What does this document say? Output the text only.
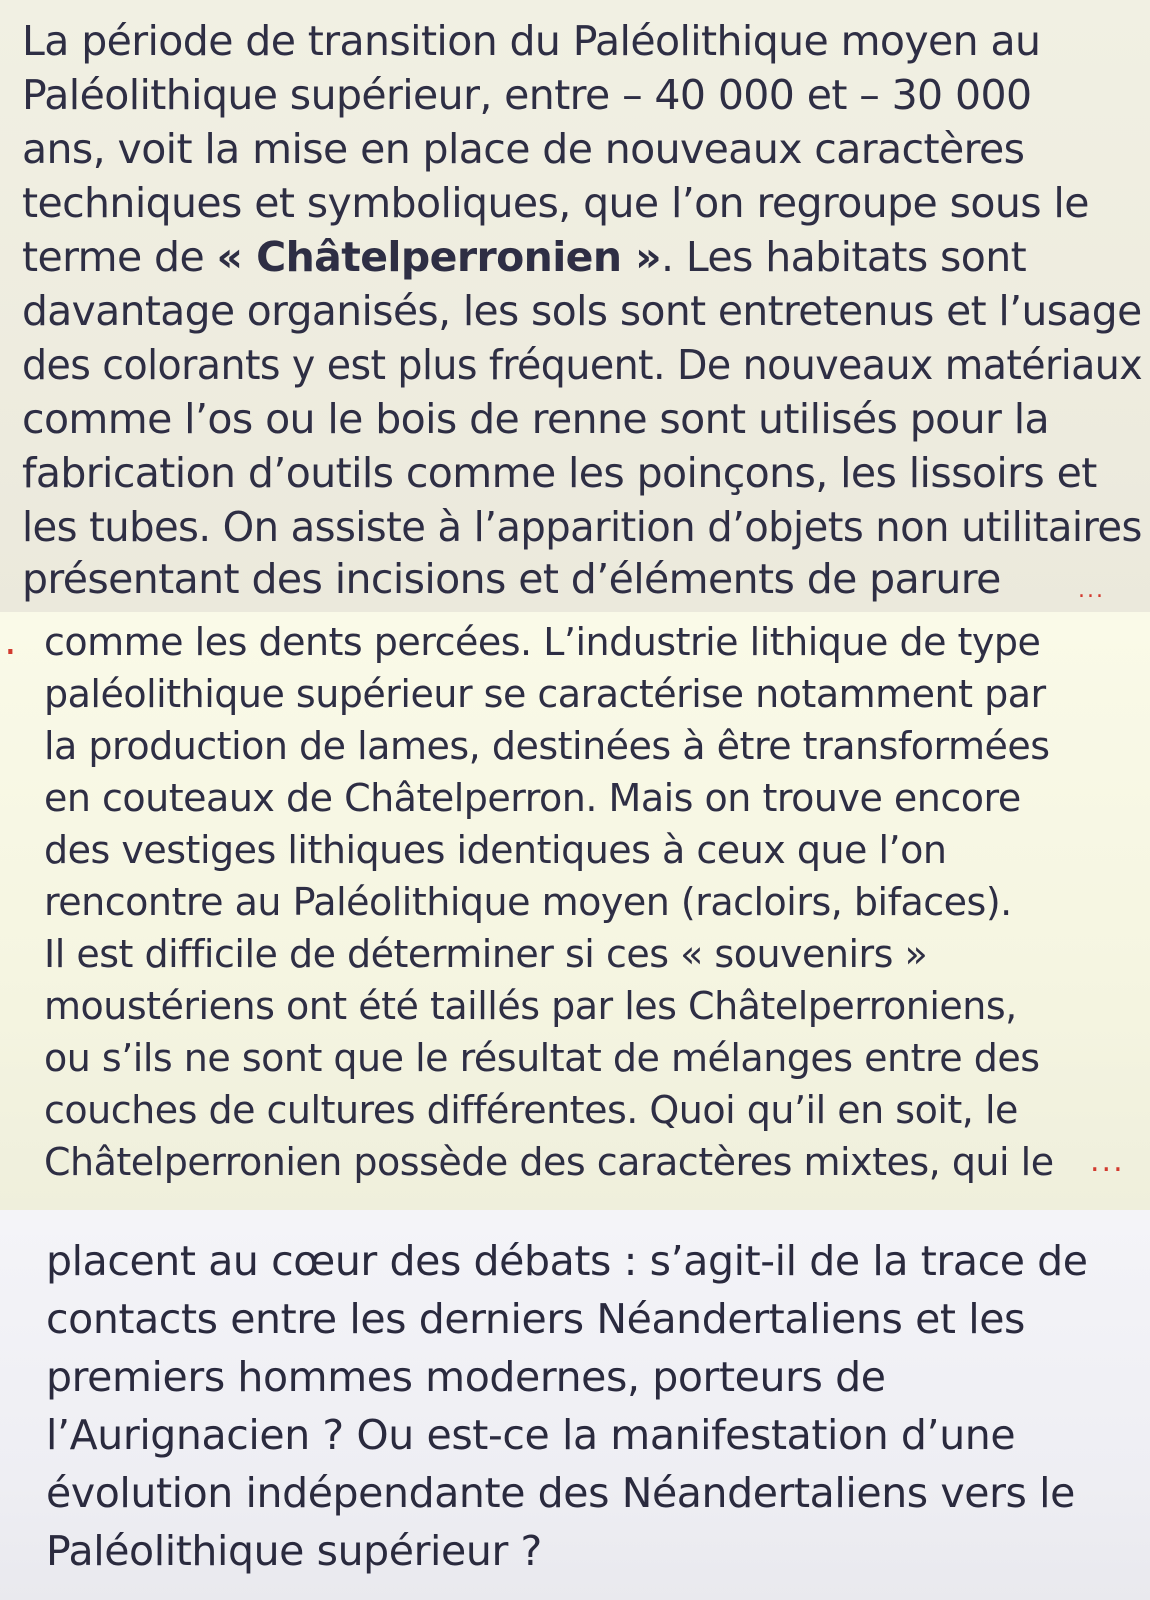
La période de transition du Paléolithique moyen au
Paléolithique supérieur, entre – 40 000 et – 30 000
ans, voit la mise en place de nouveaux caractères
techniques et symboliques, que l’on regroupe sous le
terme de « Châtelperronien ». Les habitats sont
davantage organisés, les sols sont entretenus et l’usage
des colorants y est plus fréquent. De nouveaux matériaux
comme l’os ou le bois de renne sont utilisés pour la
fabrication d’outils comme les poinçons, les lissoirs et
les tubes. On assiste à l’apparition d’objets non utilitaires
présentant des incisions et d’éléments de parure	...
. comme les dents percées. L’industrie lithique de type
paléolithique supérieur se caractérise notamment par
la production de lames, destinées à être transformées
en couteaux de Châtelperron. Mais on trouve encore
des vestiges lithiques identiques à ceux que l’on
rencontre au Paléolithique moyen (racloirs, bifaces).
Il est difficile de déterminer si ces « souvenirs »
moustériens ont été taillés par les Châtelperroniens,
ou s’ils ne sont que le résultat de mélanges entre des
couches de cultures différentes. Quoi qu’il en soit, le
Châtelperronien possède des caractères mixtes, qui le ...
placent au cœur des débats : s’agit-il de la trace de
contacts entre les derniers Néandertaliens et les
premiers hommes modernes, porteurs de
l’Aurignacien ? Ou est-ce la manifestation d’une
évolution indépendante des Néandertaliens vers le
Paléolithique supérieur ?
